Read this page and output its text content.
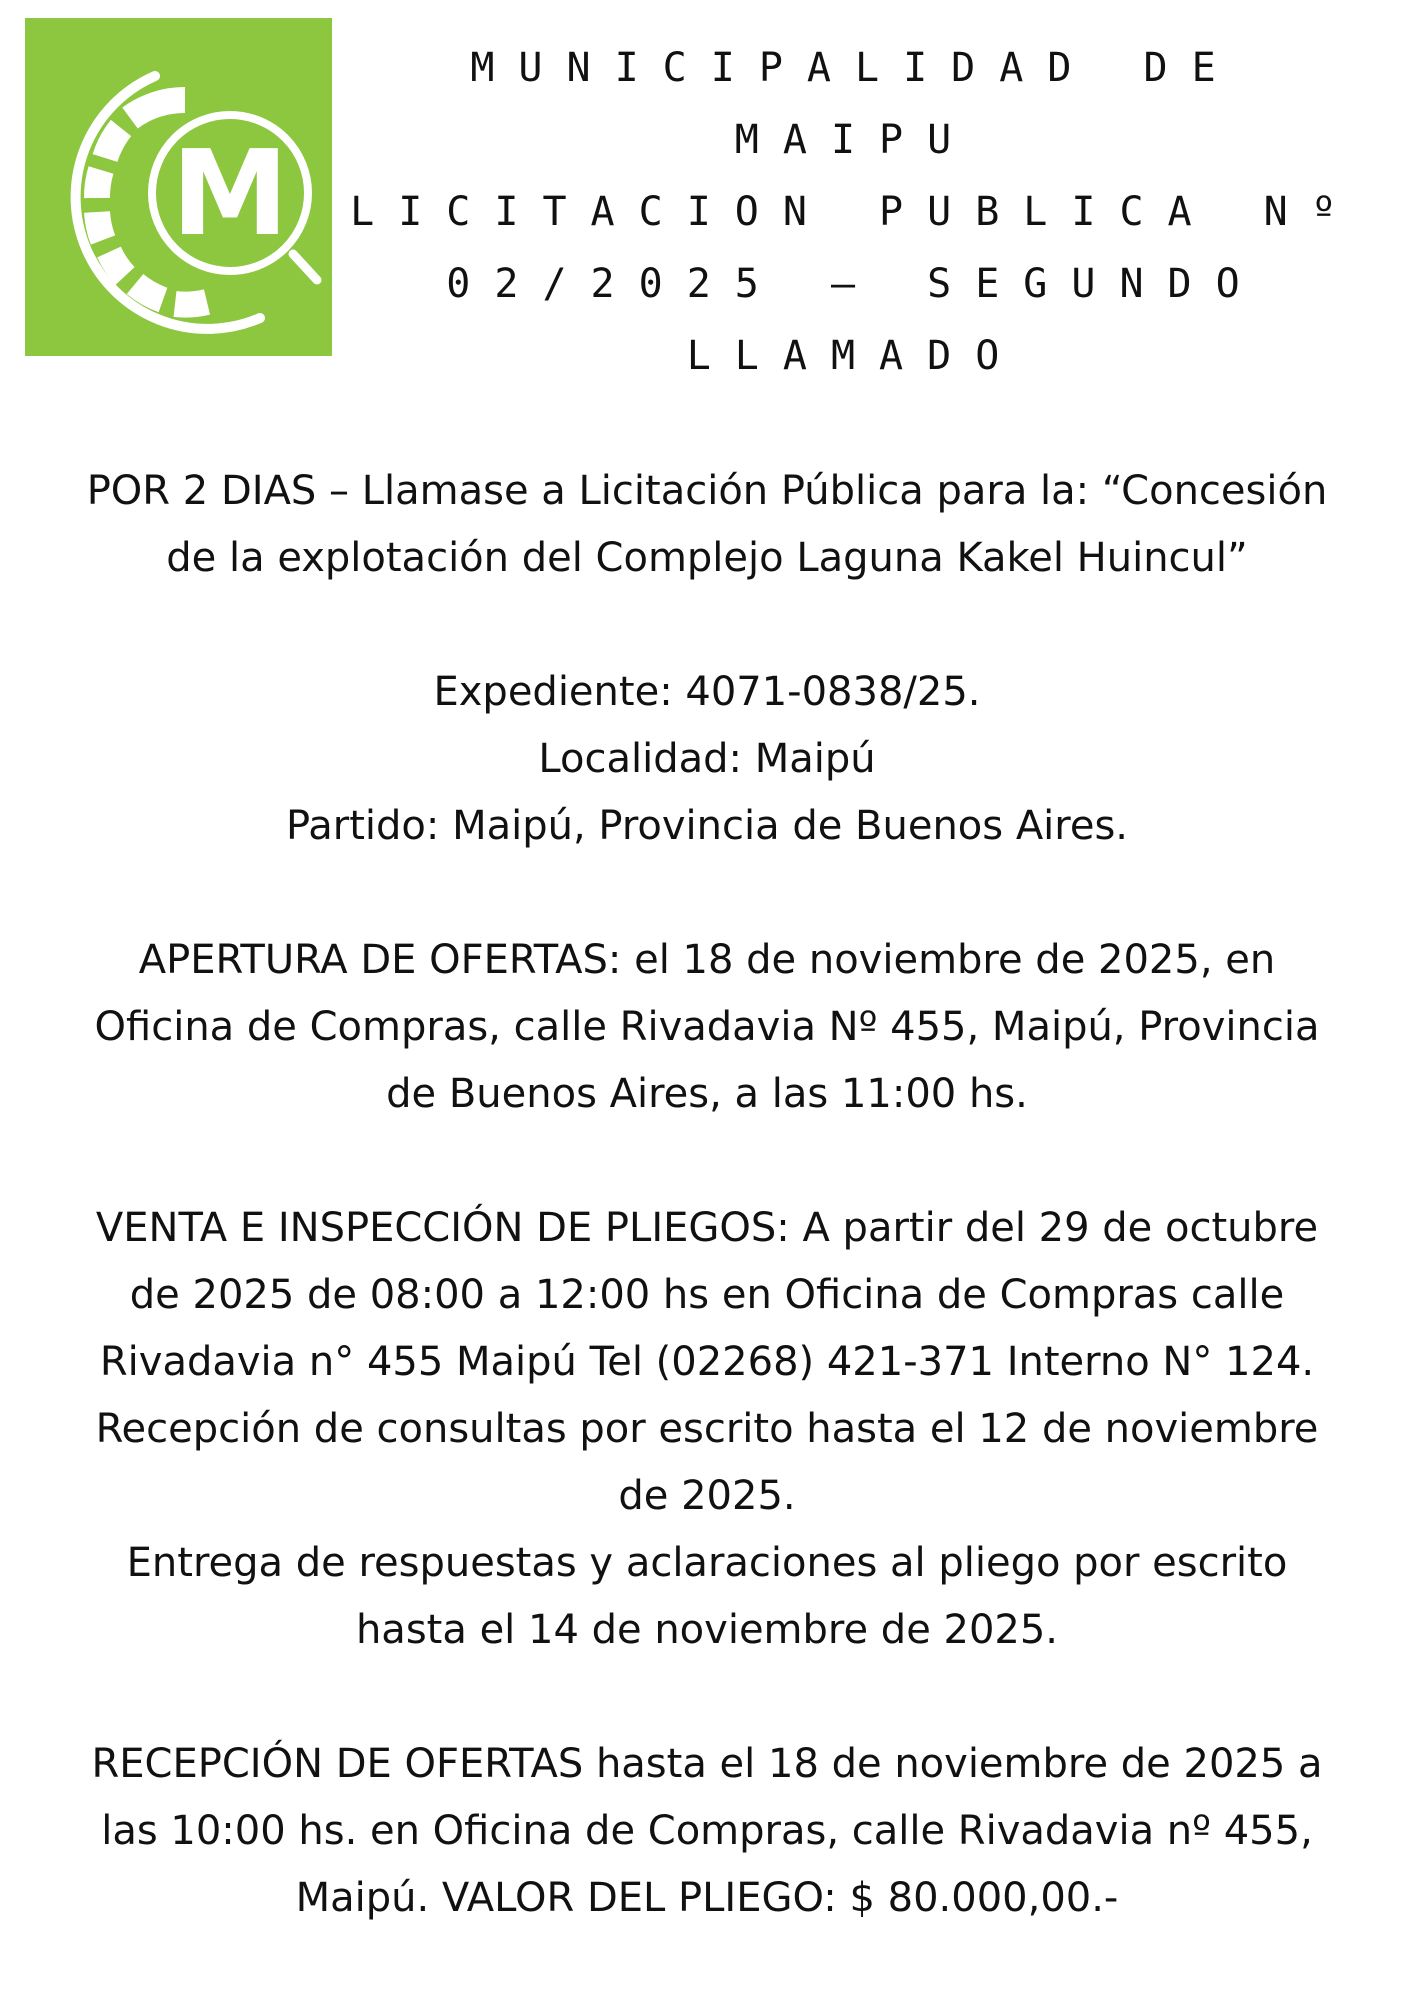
M
MUNICIPALIDAD DE
MAIPU
LICITACION PUBLICA Nº
02/2025 – SEGUNDO
LLAMADO
POR 2 DIAS – Llamase a Licitación Pública para la: “Concesión
de la explotación del Complejo Laguna Kakel Huincul”
Expediente: 4071-0838/25.
Localidad: Maipú
Partido: Maipú, Provincia de Buenos Aires.
APERTURA DE OFERTAS: el 18 de noviembre de 2025, en
Oficina de Compras, calle Rivadavia Nº 455, Maipú, Provincia
de Buenos Aires, a las 11:00 hs.
VENTA E INSPECCIÓN DE PLIEGOS: A partir del 29 de octubre
de 2025 de 08:00 a 12:00 hs en Oficina de Compras calle
Rivadavia n° 455 Maipú Tel (02268) 421-371 Interno N° 124.
Recepción de consultas por escrito hasta el 12 de noviembre
de 2025.
Entrega de respuestas y aclaraciones al pliego por escrito
hasta el 14 de noviembre de 2025.
RECEPCIÓN DE OFERTAS hasta el 18 de noviembre de 2025 a
las 10:00 hs. en Oficina de Compras, calle Rivadavia nº 455,
Maipú. VALOR DEL PLIEGO: $ 80.000,00.-
